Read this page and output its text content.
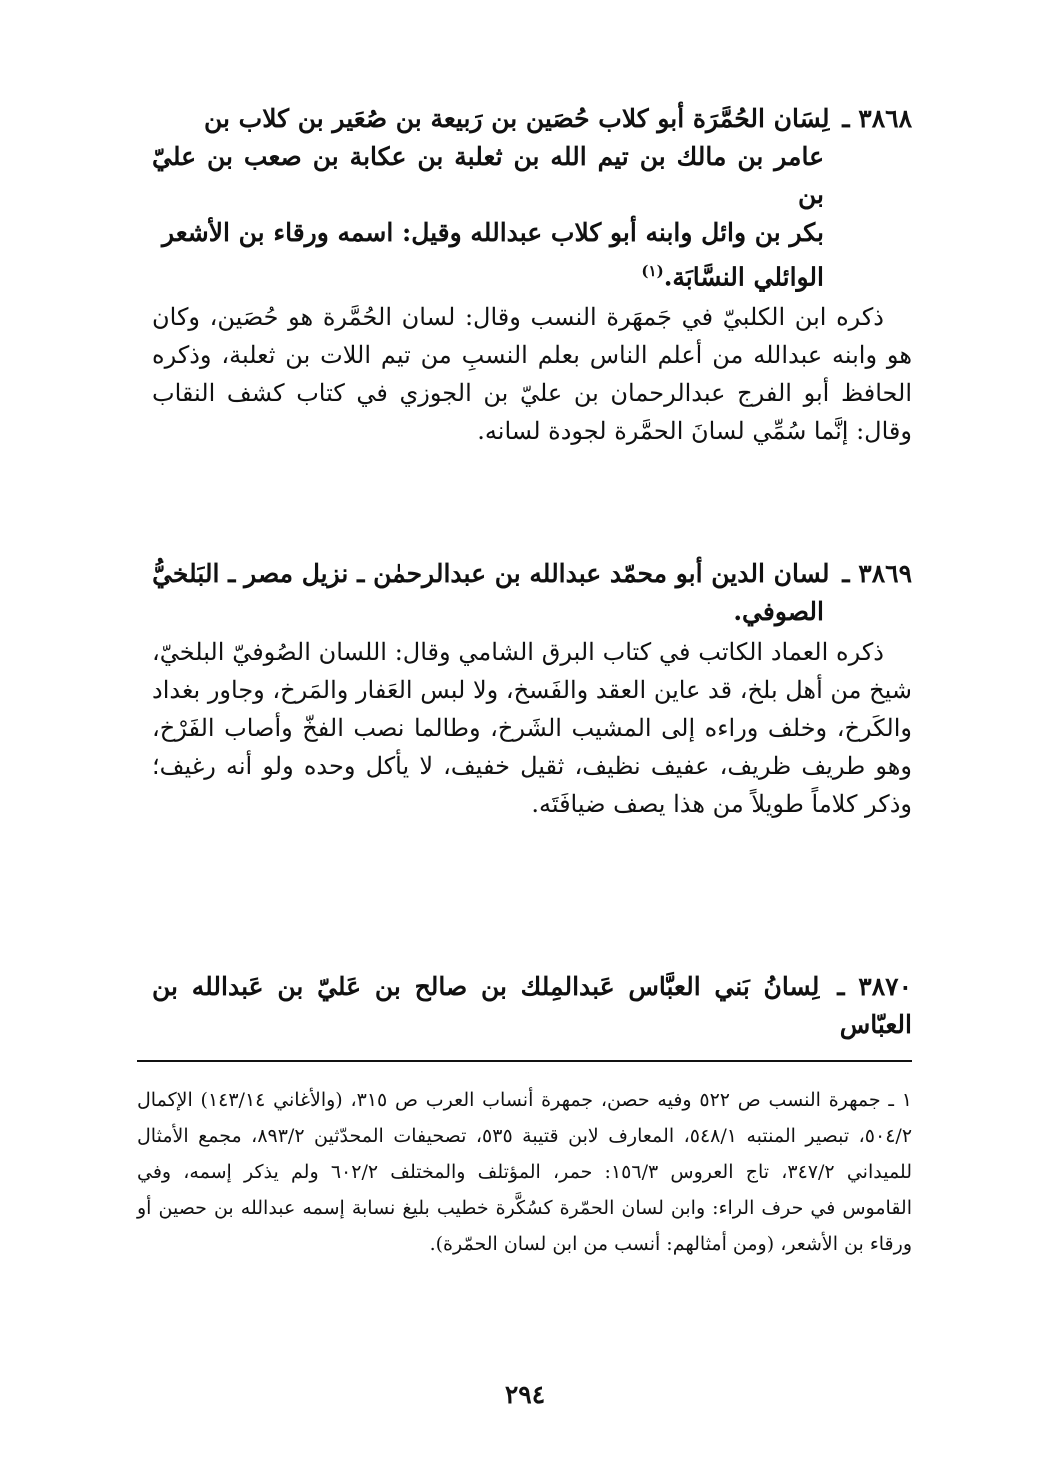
٣٨٦٨ ـ لِسَان الحُمَّرَة أبو كلاب حُصَين بن رَبيعة بن صُعَير بن كلاب بن
عامر بن مالك بن تيم الله بن ثعلبة بن عكابة بن صعب بن عليّ بن
بكر بن وائل وابنه أبو كلاب عبدالله وقيل: اسمه ورقاء بن الأشعر
الوائلي النسَّابَة.$^{(١)}$
ذكره ابن الكلبيّ في جَمهَرة النسب وقال: لسان الحُمَّرة هو حُصَين، وكان هو وابنه عبدالله من أعلم الناس بعلم النسبِ من تيم اللات بن ثعلبة، وذكره الحافظ أبو الفرج عبدالرحمان بن عليّ بن الجوزي في كتاب كشف النقاب وقال: إنَّما سُمِّي لسانَ الحمَّرة لجودة لسانه.
٣٨٦٩ ـ لسان الدين أبو محمّد عبدالله بن عبدالرحمٰن ـ نزيل مصر ـ البَلخيُّ
الصوفي.
ذكره العماد الكاتب في كتاب البرق الشامي وقال: اللسان الصُوفيّ البلخيّ، شيخ من أهل بلخ، قد عاين العقد والفَسخ، ولا لبس العَفار والمَرخ، وجاور بغداد والكَرخ، وخلف وراءه إلى المشيب الشَرخ، وطالما نصب الفخّ وأصاب الفَرْخ، وهو طريف ظريف، عفيف نظيف، ثقيل خفيف، لا يأكل وحده ولو أنه رغيف؛ وذكر كلاماً طويلاً من هذا يصف ضيافَتَه.
٣٨٧٠ ـ لِسانُ بَني العبَّاس عَبدالمِلك بن صالح بن عَليّ بن عَبدالله بن العبّاس
١ ـ جمهرة النسب ص ٥٢٢ وفيه حصن، جمهرة أنساب العرب ص ٣١٥، (والأغاني ١٤٣/١٤) الإكمال ٥٠٤/٢، تبصير المنتبه ٥٤٨/١، المعارف لابن قتيبة ٥٣٥، تصحيفات المحدّثين ٨٩٣/٢، مجمع الأمثال للميداني ٣٤٧/٢، تاج العروس ١٥٦/٣: حمر، المؤتلف والمختلف ٦٠٢/٢ ولم يذكر إسمه، وفي القاموس في حرف الراء: وابن لسان الحمّرة كسُكَّرة خطيب بليغ نسابة إسمه عبدالله بن حصين أو ورقاء بن الأشعر، (ومن أمثالهم: أنسب من ابن لسان الحمّرة).
٢٩٤
